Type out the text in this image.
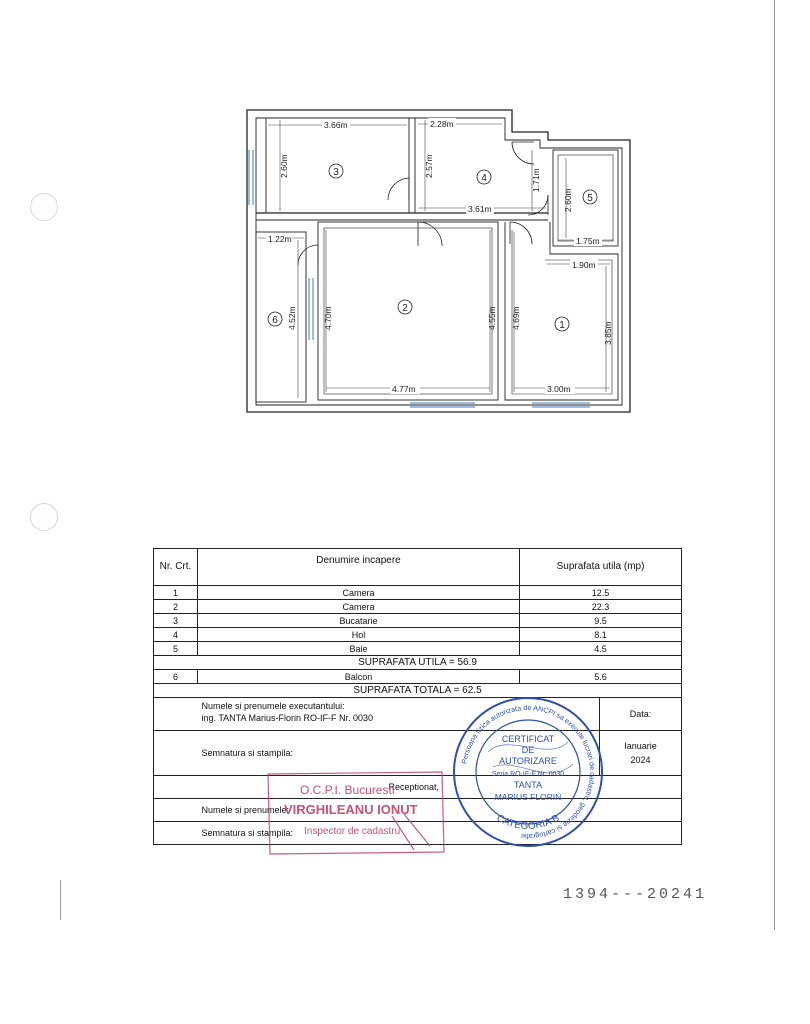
3.66m	2.28m
2.60m	2.57m
1.71m
3.61m	2.60m
1.75m
1.22m
4.52m	4.70m	4.55m
4.77m
1.90m
4.69m
3.85m
3.00m
3
4
5
6
2
1
Nr. Crt.	Denumire incapere	Suprafata utila (mp)	
1	Camera	12.5	
2	Camera	22.3	
3	Bucatarie	9.5	
4	Hol	8.1	
5	Baie	4.5	
SUPRAFATA UTILA = 56.9			
6	Balcon	5.6	
SUPRAFATA TOTALA = 62.5			

	Numele si prenumele executantului:
ing. TANTA Marius-Florin RO-IF-F Nr. 0030		Data:
	Semnatura si stampila:		Ianuarie
2024

	Receptionat,		
	Numele si prenumele:		
	Semnatura si stampila:		
O.C.P.I. Bucuresti
VIRGHILEANU IONUT
Inspector de cadastru
Persoana fizica autorizata de ANCPI sa execute lucrari de cadastru, geodezie si cartografie
CATEGORIA B
CERTIFICAT
DE
AUTORIZARE
Seria RO-IF-F Nr. 0030
TANTA
MARIUS FLORIN
1394---20241
